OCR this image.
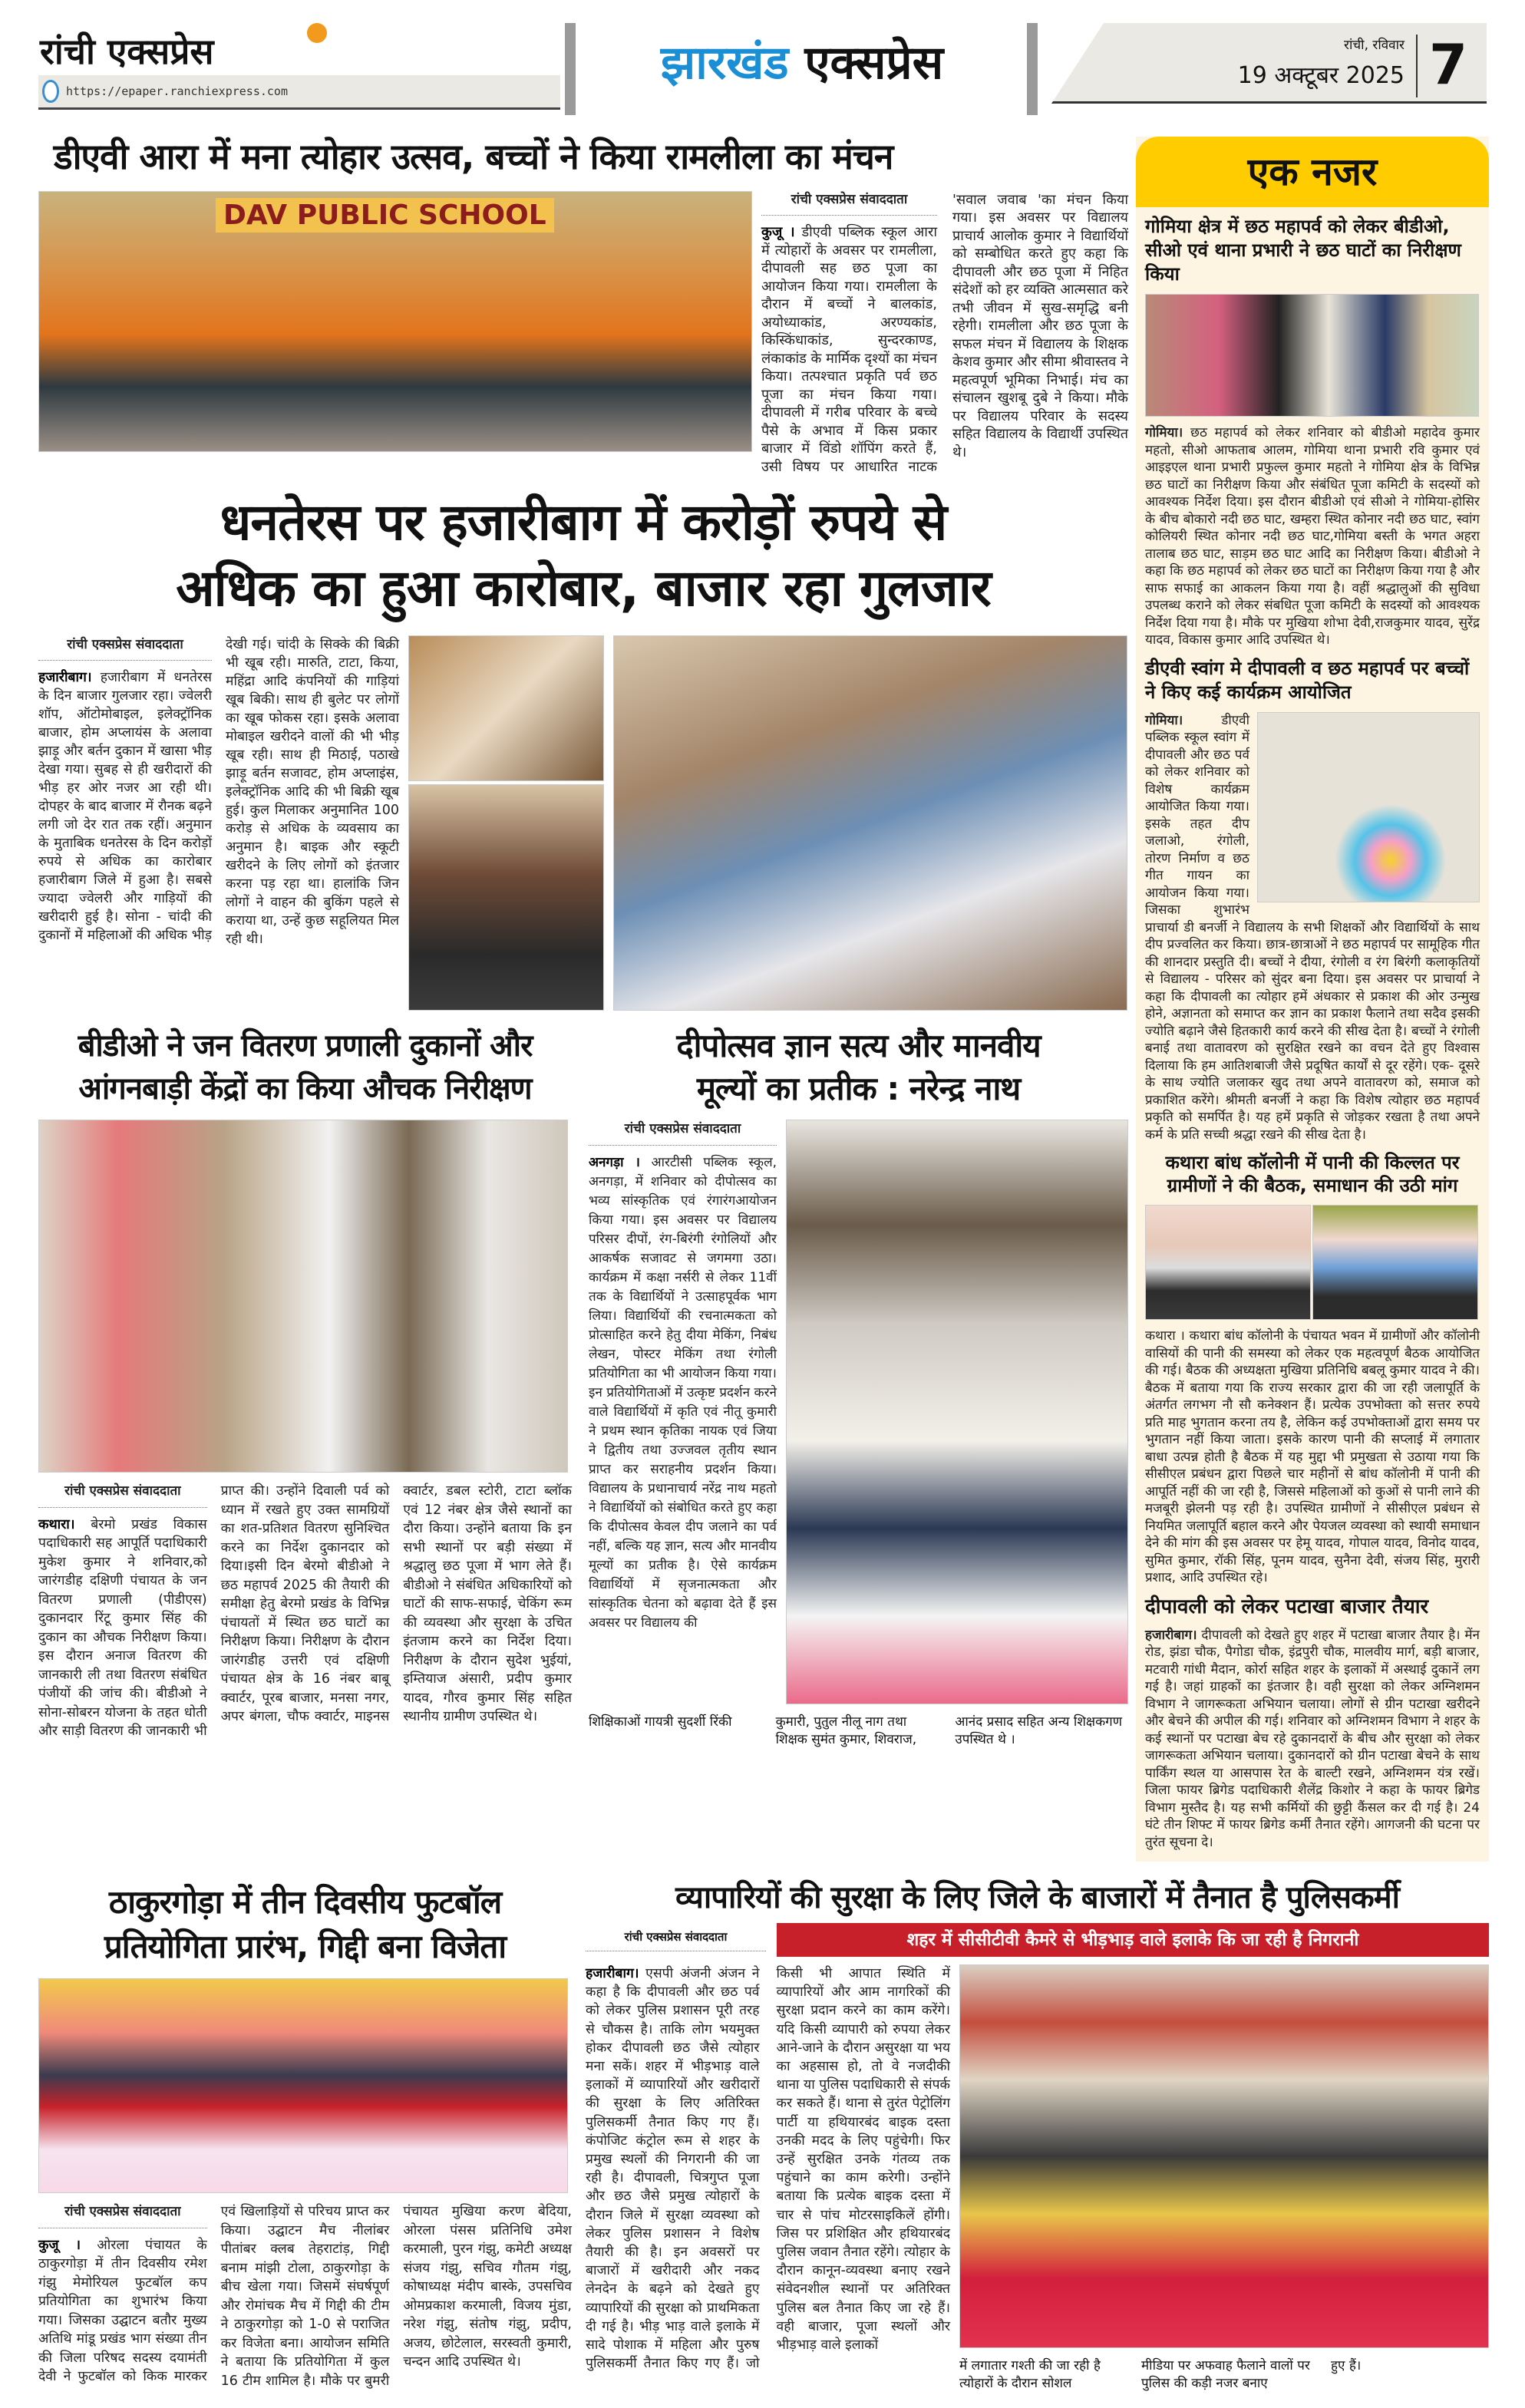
रांची एक्सप्रेस
https://epaper.ranchiexpress.com
झारखंड एक्सप्रेस	रांची, रविवार
19 अक्टूबर 2025 7
डीएवी आरा में मना त्योहार उत्सव, बच्चों ने किया रामलीला का मंचन
DAV PUBLIC SCHOOL	रांची एक्सप्रेस संवाददाता
कुजू । डीएवी पब्लिक स्कूल आरा में त्योहारों के अवसर पर रामलीला, दीपावली सह छठ पूजा का आयोजन किया गया। रामलीला के दौरान में बच्चों ने बालकांड, अयोध्याकांड, अरण्यकांड, किस्किंधाकांड, सुन्दरकाण्ड, लंकाकांड के मार्मिक दृश्यों का मंचन किया। तत्पश्चात प्रकृति पर्व छठ पूजा का मंचन किया गया। दीपावली में गरीब परिवार के बच्चे पैसे के अभाव में किस प्रकार बाजार में विंडो शॉपिंग करते हैं, उसी विषय पर आधारित नाटक 'सवाल जवाब 'का मंचन किया गया। इस अवसर पर विद्यालय प्राचार्य आलोक कुमार ने विद्यार्थियों को सम्बोधित करते हुए कहा कि दीपावली और छठ पूजा में निहित संदेशों को हर व्यक्ति आत्मसात करे तभी जीवन में सुख-समृद्धि बनी रहेगी। रामलीला और छठ पूजा के सफल मंचन में विद्यालय के शिक्षक केशव कुमार और सीमा श्रीवास्तव ने महत्वपूर्ण भूमिका निभाई। मंच का संचालन खुशबू दुबे ने किया। मौके पर विद्यालय परिवार के सदस्य सहित विद्यालय के विद्यार्थी उपस्थित थे।
धनतेरस पर हजारीबाग में करोड़ों रुपये से
अधिक का हुआ कारोबार, बाजार रहा गुलजार
रांची एक्सप्रेस संवाददाता
हजारीबाग। हजारीबाग में धनतेरस के दिन बाजार गुलजार रहा। ज्वेलरी शॉप, ऑटोमोबाइल, इलेक्ट्रॉनिक बाजार, होम अप्लायंस के अलावा झाड़ू और बर्तन दुकान में खासा भीड़ देखा गया। सुबह से ही खरीदारों की भीड़ हर ओर नजर आ रही थी। दोपहर के बाद बाजार में रौनक बढ़ने लगी जो देर रात तक रहीं। अनुमान के मुताबिक धनतेरस के दिन करोड़ों रुपये से अधिक का कारोबार हजारीबाग जिले में हुआ है। सबसे ज्यादा ज्वेलरी और गाड़ियों की खरीदारी हुई है। सोना - चांदी की दुकानों में महिलाओं की अधिक भीड़ देखी गई। चांदी के सिक्के की बिक्री भी खूब रही। मारुति, टाटा, किया, महिंद्रा आदि कंपनियों की गाड़ियां खूब बिकी। साथ ही बुलेट पर लोगों का खूब फोकस रहा। इसके अलावा मोबाइल खरीदने वालों की भी भीड़ खूब रही। साथ ही मिठाई, पठाखे झाड़ू बर्तन सजावट, होम अप्लाइंस, इलेक्ट्रॉनिक आदि की भी बिक्री खूब हुई। कुल मिलाकर अनुमानित 100 करोड़ से अधिक के व्यवसाय का अनुमान है। बाइक और स्कूटी खरीदने के लिए लोगों को इंतजार करना पड़ रहा था। हालांकि जिन लोगों ने वाहन की बुकिंग पहले से कराया था, उन्हें कुछ सहूलियत मिल रही थी।
बीडीओ ने जन वितरण प्रणाली दुकानों और
आंगनबाड़ी केंद्रों का किया औचक निरीक्षण
रांची एक्सप्रेस संवाददाता
कथारा। बेरमो प्रखंड विकास पदाधिकारी सह आपूर्ति पदाधिकारी मुकेश कुमार ने शनिवार,को जारंगडीह दक्षिणी पंचायत के जन वितरण प्रणाली (पीडीएस) दुकानदार रिंटू कुमार सिंह की दुकान का औचक निरीक्षण किया। इस दौरान अनाज वितरण की जानकारी ली तथा वितरण संबंधित पंजीयों की जांच की। बीडीओ ने सोना-सोबरन योजना के तहत धोती और साड़ी वितरण की जानकारी भी प्राप्त की। उन्होंने दिवाली पर्व को ध्यान में रखते हुए उक्त सामग्रियों का शत-प्रतिशत वितरण सुनिश्चित करने का निर्देश दुकानदार को दिया।इसी दिन बेरमो बीडीओ ने छठ महापर्व 2025 की तैयारी की समीक्षा हेतु बेरमो प्रखंड के विभिन्न पंचायतों में स्थित छठ घाटों का निरीक्षण किया। निरीक्षण के दौरान जारंगडीह उत्तरी एवं दक्षिणी पंचायत क्षेत्र के 16 नंबर बाबू क्वार्टर, पूरब बाजार, मनसा नगर, अपर बंगला, चौफ क्वार्टर, माइनस क्वार्टर, डबल स्टोरी, टाटा ब्लॉक एवं 12 नंबर क्षेत्र जैसे स्थानों का दौरा किया। उन्होंने बताया कि इन सभी स्थानों पर बड़ी संख्या में श्रद्धालु छठ पूजा में भाग लेते हैं। बीडीओ ने संबंधित अधिकारियों को घाटों की साफ-सफाई, चेकिंग रूम की व्यवस्था और सुरक्षा के उचित इंतजाम करने का निर्देश दिया। निरीक्षण के दौरान सुदेश भुईयां, इम्तियाज अंसारी, प्रदीप कुमार यादव, गौरव कुमार सिंह सहित स्थानीय ग्रामीण उपस्थित थे।
दीपोत्सव ज्ञान सत्य और मानवीय
मूल्यों का प्रतीक : नरेन्द्र नाथ
रांची एक्सप्रेस संवाददाता
अनगड़ा । आरटीसी पब्लिक स्कूल, अनगड़ा, में शनिवार को दीपोत्सव का भव्य सांस्कृतिक एवं रंगारंगआयोजन किया गया। इस अवसर पर विद्यालय परिसर दीपों, रंग-बिरंगी रंगोलियों और आकर्षक सजावट से जगमगा उठा।कार्यक्रम में कक्षा नर्सरी से लेकर 11वीं तक के विद्यार्थियों ने उत्साहपूर्वक भाग लिया। विद्यार्थियों की रचनात्मकता को प्रोत्साहित करने हेतु दीया मेकिंग, निबंध लेखन, पोस्टर मेकिंग तथा रंगोली प्रतियोगिता का भी आयोजन किया गया।इन प्रतियोगिताओं में उत्कृष्ट प्रदर्शन करने वाले विद्यार्थियों में कृति एवं नीतू कुमारी ने प्रथम स्थान कृतिका नायक एवं जिया ने द्वितीय तथा उज्जवल तृतीय स्थान प्राप्त कर सराहनीय प्रदर्शन किया।विद्यालय के प्रधानाचार्य नरेंद्र नाथ महतो ने विद्यार्थियों को संबोधित करते हुए कहा कि दीपोत्सव केवल दीप जलाने का पर्व नहीं, बल्कि यह ज्ञान, सत्य और मानवीय मूल्यों का प्रतीक है। ऐसे कार्यक्रम विद्यार्थियों में सृजनात्मकता और सांस्कृतिक चेतना को बढ़ावा देते हैं इस अवसर पर विद्यालय की
शिक्षिकाओं गायत्री सुदर्शी रिंकी	कुमारी, पुतुल नीलू नाग तथा शिक्षक सुमंत कुमार, शिवराज,
आनंद प्रसाद सहित अन्य शिक्षकगण उपस्थित थे ।
एक नजर
गोमिया क्षेत्र में छठ महापर्व को लेकर बीडीओ, सीओ एवं थाना प्रभारी ने छठ घाटों का निरीक्षण किया
गोमिया। छठ महापर्व को लेकर शनिवार को बीडीओ महादेव कुमार महतो, सीओ आफताब आलम, गोमिया थाना प्रभारी रवि कुमार एवं आइइएल थाना प्रभारी प्रफुल्ल कुमार महतो ने गोमिया क्षेत्र के विभिन्न छठ घाटों का निरीक्षण किया और संबंधित पूजा कमिटी के सदस्यों को आवश्यक निर्देश दिया। इस दौरान बीडीओ एवं सीओ ने गोमिया-होसिर के बीच बोकारो नदी छठ घाट, खम्हरा स्थित कोनार नदी छठ घाट, स्वांग कोलियरी स्थित कोनार नदी छठ घाट,गोमिया बस्ती के भगत अहरा तालाब छठ घाट, साड़म छठ घाट आदि का निरीक्षण किया। बीडीओ ने कहा कि छठ महापर्व को लेकर छठ घाटों का निरीक्षण किया गया है और साफ सफाई का आकलन किया गया है। वहीं श्रद्धालुओं की सुविधा उपलब्ध कराने को लेकर संबधित पूजा कमिटी के सदस्यों को आवश्यक निर्देश दिया गया है। मौके पर मुखिया शोभा देवी,राजकुमार यादव, सुरेंद्र यादव, विकास कुमार आदि उपस्थित थे।
डीएवी स्वांग मे दीपावली व छठ महापर्व पर बच्चों ने किए कई कार्यक्रम आयोजित
गोमिया।	डीएवी पब्लिक स्कूल स्वांग में दीपावली और छठ पर्व को लेकर शनिवार को विशेष कार्यक्रम आयोजित किया गया। इसके तहत दीप जलाओ, रंगोली, तोरण निर्माण व छठ गीत गायन का आयोजन किया गया। जिसका शुभारंभ प्राचार्या डी बनर्जी ने विद्यालय के सभी शिक्षकों और विद्यार्थियों के साथ दीप प्रज्वलित कर किया। छात्र-छात्राओं ने छठ महापर्व पर सामूहिक गीत की शानदार प्रस्तुति दी। बच्चों ने दीया, रंगोली व रंग बिरंगी कलाकृतियों से विद्यालय - परिसर को सुंदर बना दिया। इस अवसर पर प्राचार्या ने कहा कि दीपावली का त्योहार हमें अंधकार से प्रकाश की ओर उन्मुख होने, अज्ञानता को समाप्त कर ज्ञान का प्रकाश फैलाने तथा सदैव इसकी ज्योति बढ़ाने जैसे हितकारी कार्य करने की सीख देता है। बच्चों ने रंगोली बनाई तथा वातावरण को सुरक्षित रखने का वचन देते हुए विश्वास दिलाया कि हम आतिशबाजी जैसे प्रदूषित कार्यों से दूर रहेंगे। एक- दूसरे के साथ ज्योति जलाकर खुद तथा अपने वातावरण को, समाज को प्रकाशित करेंगे। श्रीमती बनर्जी ने कहा कि विशेष त्योहार छठ महापर्व प्रकृति को समर्पित है। यह हमें प्रकृति से जोड़कर रखता है तथा अपने कर्म के प्रति सच्ची श्रद्धा रखने की सीख देता है।
कथारा बांध कॉलोनी में पानी की किल्लत पर ग्रामीणों ने की बैठक, समाधान की उठी मांग
कथारा । कथारा बांध कॉलोनी के पंचायत भवन में ग्रामीणों और कॉलोनी वासियों की पानी की समस्या को लेकर एक महत्वपूर्ण बैठक आयोजित की गई। बैठक की अध्यक्षता मुखिया प्रतिनिधि बबलू कुमार यादव ने की। बैठक में बताया गया कि राज्य सरकार द्वारा की जा रही जलापूर्ति के अंतर्गत लगभग नौ सौ कनेक्शन हैं। प्रत्येक उपभोक्ता को सत्तर रुपये प्रति माह भुगतान करना तय है, लेकिन कई उपभोक्ताओं द्वारा समय पर भुगतान नहीं किया जाता। इसके कारण पानी की सप्लाई में लगातार बाधा उत्पन्न होती है बैठक में यह मुद्दा भी प्रमुखता से उठाया गया कि सीसीएल प्रबंधन द्वारा पिछले चार महीनों से बांध कॉलोनी में पानी की आपूर्ति नहीं की जा रही है, जिससे महिलाओं को कुओं से पानी लाने की मजबूरी झेलनी पड़ रही है। उपस्थित ग्रामीणों ने सीसीएल प्रबंधन से नियमित जलापूर्ति बहाल करने और पेयजल व्यवस्था को स्थायी समाधान देने की मांग की इस अवसर पर हेमू यादव, गोपाल यादव, विनोद यादव, सुमित कुमार, रॉकी सिंह, पूनम यादव, सुनैना देवी, संजय सिंह, मुरारी प्रशाद, आदि उपस्थित रहे।
दीपावली को लेकर पटाखा बाजार तैयार
हजारीबाग। दीपावली को देखते हुए शहर में पटाखा बाजार तैयार है। मेंन रोड, झंडा चौक, पैगोडा चौक, इंद्रपुरी चौक, मालवीय मार्ग, बड़ी बाजार, मटवारी गांधी मैदान, कोर्रा सहित शहर के इलाकों में अस्थाई दुकानें लग गई है। जहां ग्राहकों का इंतजार है। वही सुरक्षा को लेकर अग्निशमन विभाग ने जागरूकता अभियान चलाया। लोगों से ग्रीन पटाखा खरीदने और बेचने की अपील की गई। शनिवार को अग्निशमन विभाग ने शहर के कई स्थानों पर पटाखा बेच रहे दुकानदारों के बीच और सुरक्षा को लेकर जागरूकता अभियान चलाया। दुकानदारों को ग्रीन पटाखा बेचने के साथ पार्किंग स्थल या आसपास रेत के बाल्टी रखने, अग्निशमन यंत्र रखें। जिला फायर ब्रिगेड पदाधिकारी शैलेंद्र किशोर ने कहा के फायर ब्रिगेड विभाग मुस्तैद है। यह सभी कर्मियों की छुट्टी कैंसल कर दी गई है। 24 घंटे तीन शिफ्ट में फायर ब्रिगेड कर्मी तैनात रहेंगे। आगजनी की घटना पर तुरंत सूचना दे।
ठाकुरगोड़ा में तीन दिवसीय फुटबॉल
प्रतियोगिता प्रारंभ, गिद्दी बना विजेता
रांची एक्सप्रेस संवाददाता
कुजू । ओरला पंचायत के ठाकुरगोड़ा में तीन दिवसीय रमेश गंझु मेमोरियल फुटबॉल कप प्रतियोगिता का शुभारंभ किया गया। जिसका उद्घाटन बतौर मुख्य अतिथि मांडू प्रखंड भाग संख्या तीन की जिला परिषद सदस्य दयामंती देवी ने फुटबॉल को किक मारकर एवं खिलाड़ियों से परिचय प्राप्त कर किया। उद्घाटन मैच नीलांबर पीतांबर क्लब तेहराटांड़, गिद्दी बनाम मांझी टोला, ठाकुरगोड़ा के बीच खेला गया। जिसमें संघर्षपूर्ण और रोमांचक मैच में गिद्दी की टीम ने ठाकुरगोड़ा को 1-0 से पराजित कर विजेता बना। आयोजन समिति ने बताया कि प्रतियोगिता में कुल 16 टीम शामिल है। मौके पर बुमरी पंचायत मुखिया करण बेदिया, ओरला पंसस प्रतिनिधि उमेश करमाली, पुरन गंझु, कमेटी अध्यक्ष संजय गंझु, सचिव गौतम गंझु, कोषाध्यक्ष मंदीप बास्के, उपसचिव ओमप्रकाश करमाली, विजय मुंडा, नरेश गंझु, संतोष गंझु, प्रदीप, अजय, छोटेलाल, सरस्वती कुमारी, चन्दन आदि उपस्थित थे।
व्यापारियों की सुरक्षा के लिए जिले के बाजारों में तैनात है पुलिसकर्मी
रांची एक्सप्रेस संवाददाता	शहर में सीसीटीवी कैमरे से भीड़भाड़ वाले इलाके कि जा रही है निगरानी
हजारीबाग। एसपी अंजनी अंजन ने कहा है कि दीपावली और छठ पर्व को लेकर पुलिस प्रशासन पूरी तरह से चौकस है। ताकि लोग भयमुक्त होकर दीपावली छठ जैसे त्योहार मना सकें। शहर में भीड़भाड़ वाले इलाकों में व्यापारियों और खरीदारों की सुरक्षा के लिए अतिरिक्त पुलिसकर्मी तैनात किए गए हैं। कंपोजिट कंट्रोल रूम से शहर के प्रमुख स्थलों की निगरानी की जा रही है। दीपावली, चित्रगुप्त पूजा और छठ जैसे प्रमुख त्योहारों के दौरान जिले में सुरक्षा व्यवस्था को लेकर पुलिस प्रशासन ने विशेष तैयारी की है। इन अवसरों पर बाजारों में खरीदारी और नकद लेनदेन के बढ़ने को देखते हुए व्यापारियों की सुरक्षा को प्राथमिकता दी गई है। भीड़ भाड़ वाले इलाके में सादे पोशाक में महिला और पुरुष पुलिसकर्मी तैनात किए गए हैं। जो किसी भी आपात स्थिति में व्यापारियों और आम नागरिकों की सुरक्षा प्रदान करने का काम करेंगे। यदि किसी व्यापारी को रुपया लेकर आने-जाने के दौरान असुरक्षा या भय का अहसास हो, तो वे नजदीकी थाना या पुलिस पदाधिकारी से संपर्क कर सकते हैं। थाना से तुरंत पेट्रोलिंग पार्टी या हथियारबंद बाइक दस्ता उनकी मदद के लिए पहुंचेगी। फिर उन्हें सुरक्षित उनके गंतव्य तक पहुंचाने का काम करेगी। उन्होंने बताया कि प्रत्येक बाइक दस्ता में चार से पांच मोटरसाइकिलें होंगी। जिस पर प्रशिक्षित और हथियारबंद पुलिस जवान तैनात रहेंगे। त्योहार के दौरान कानून-व्यवस्था बनाए रखने संवेदनशील स्थानों पर अतिरिक्त पुलिस बल तैनात किए जा रहे हैं। वही बाजार, पूजा स्थलों और भीड़भाड़ वाले इलाकों
में लगातार गश्ती की जा रही है त्योहारों के दौरान सोशल
मीडिया पर अफवाह फैलाने वालों पर पुलिस की कड़ी नजर बनाए
हुए हैं।
